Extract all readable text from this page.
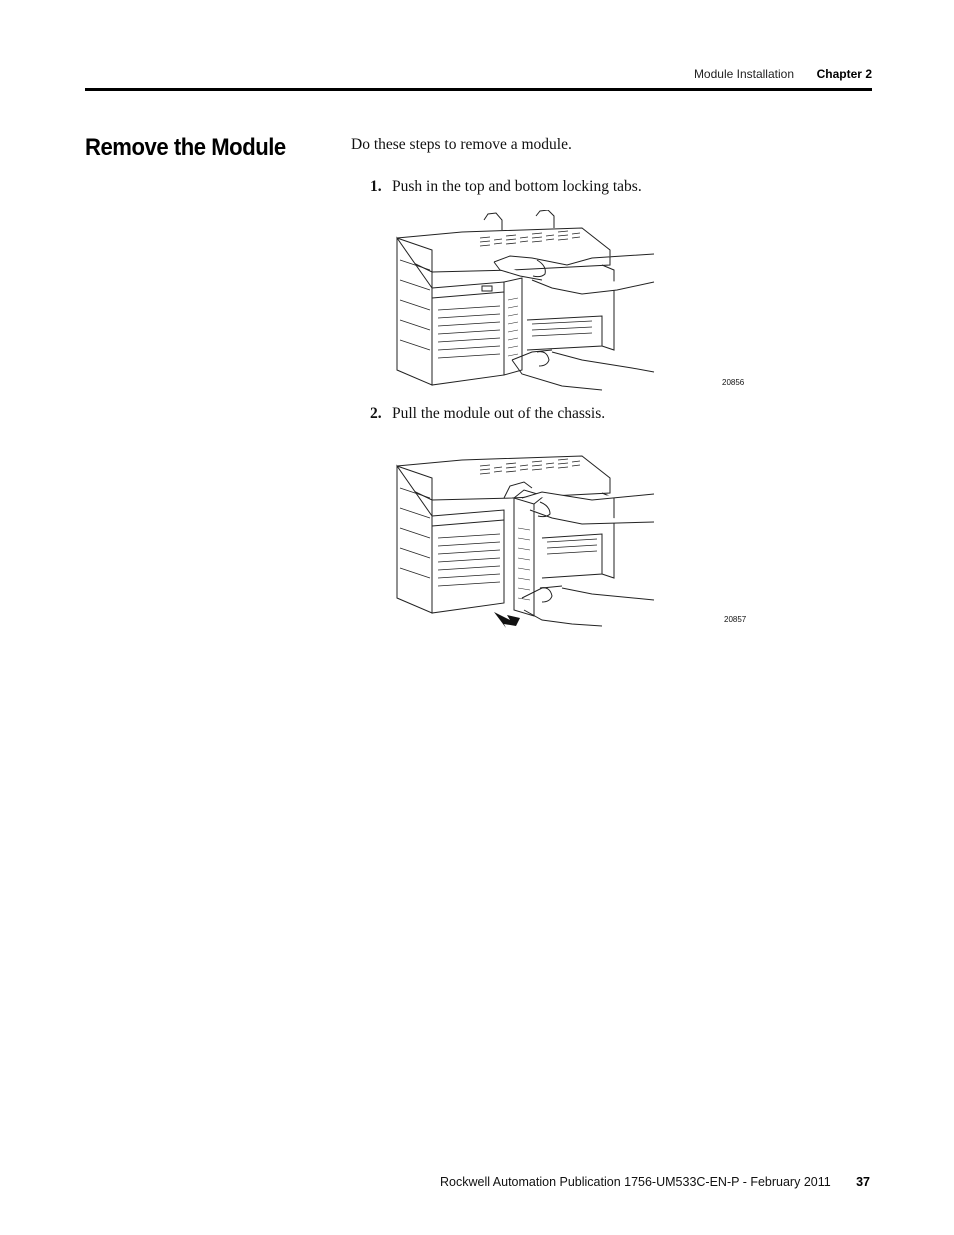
Module Installation	Chapter 2
Remove the Module	Do these steps to remove a module.
1. Push in the top and bottom locking tabs.
20856
2. Pull the module out of the chassis.
20857
Rockwell Automation Publication 1756-UM533C-EN-P - February 2011	37
